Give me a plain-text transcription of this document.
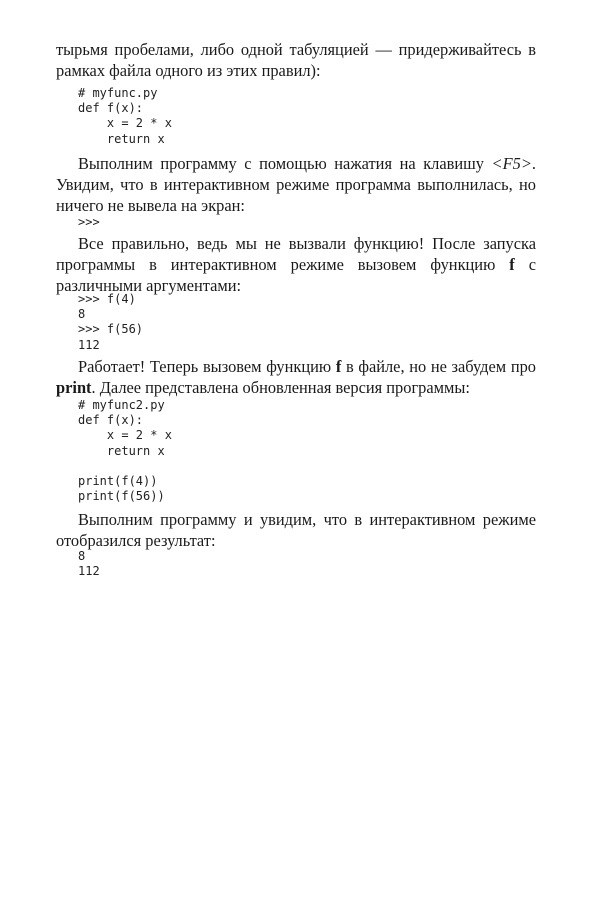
тырьмя пробелами, либо одной табуляцией — придерживайтесь в рамках файла одного из этих правил):
# myfunc.py
def f(x):
x = 2 * x
return x
Выполним программу с помощью нажатия на клавишу <F5>. Увидим, что в интерактивном режиме программа выполнилась, но ничего не вывела на экран:
>>>
Все правильно, ведь мы не вызвали функцию! После запуска программы в интерактивном режиме вызовем функцию f с различными аргументами:
>>> f(4)
8
>>> f(56)
112
Работает! Теперь вызовем функцию f в файле, но не забудем про print. Далее представлена обновленная версия программы:
# myfunc2.py
def f(x):
x = 2 * x
return x

print(f(4))
print(f(56))
Выполним программу и увидим, что в интерактивном режиме отобразился результат:
8
112
